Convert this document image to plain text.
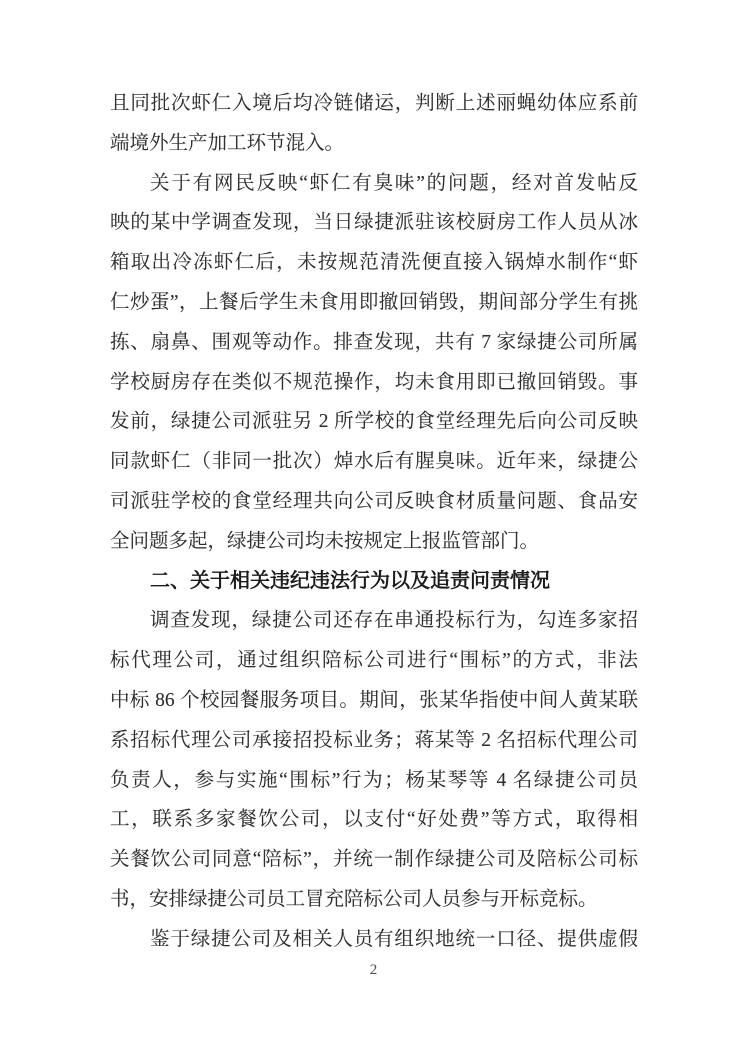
且同批次虾仁入境后均冷链储运，判断上述丽蝇幼体应系前
端境外生产加工环节混入。
关于有网民反映“虾仁有臭味”的问题，经对首发帖反
映的某中学调查发现，当日绿捷派驻该校厨房工作人员从冰
箱取出冷冻虾仁后，未按规范清洗便直接入锅焯水制作“虾
仁炒蛋”，上餐后学生未食用即撤回销毁，期间部分学生有挑
拣、扇鼻、围观等动作。排查发现，共有 7 家绿捷公司所属
学校厨房存在类似不规范操作，均未食用即已撤回销毁。事
发前，绿捷公司派驻另 2 所学校的食堂经理先后向公司反映
同款虾仁（非同一批次）焯水后有腥臭味。近年来，绿捷公
司派驻学校的食堂经理共向公司反映食材质量问题、食品安
全问题多起，绿捷公司均未按规定上报监管部门。
二、关于相关违纪违法行为以及追责问责情况
调查发现，绿捷公司还存在串通投标行为，勾连多家招
标代理公司，通过组织陪标公司进行“围标”的方式，非法
中标 86 个校园餐服务项目。期间，张某华指使中间人黄某联
系招标代理公司承接招投标业务；蒋某等 2 名招标代理公司
负责人，参与实施“围标”行为；杨某琴等 4 名绿捷公司员
工，联系多家餐饮公司，以支付“好处费”等方式，取得相
关餐饮公司同意“陪标”，并统一制作绿捷公司及陪标公司标
书，安排绿捷公司员工冒充陪标公司人员参与开标竞标。
鉴于绿捷公司及相关人员有组织地统一口径、提供虚假
2
